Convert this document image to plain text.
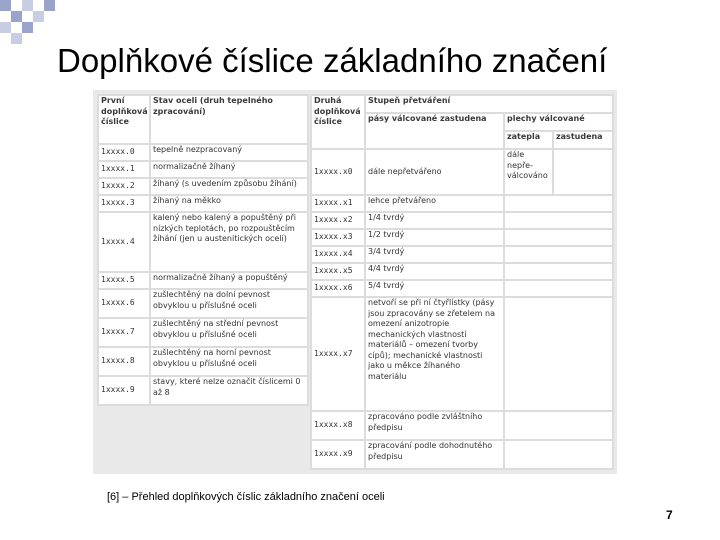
Doplňkové číslice základního značení
První doplňková číslice	Stav oceli (druh tepelného zpracování)
1xxxx.0	tepelně nezpracovaný
1xxxx.1	normalizačně žíhaný
1xxxx.2	žíhaný (s uvedením způsobu žíhání)
1xxxx.3	žíhaný na měkko
1xxxx.4	kalený nebo kalený a popuštěný při nízkých teplotách, po rozpouštěcím žíhání (jen u austenitických ocelí)
1xxxx.5	normalizačně žíhaný a popuštěný
1xxxx.6	zušlechtěný na dolní pevnost obvyklou u příslušné oceli
1xxxx.7	zušlechtěný na střední pevnost obvyklou u příslušné oceli
1xxxx.8	zušlechtěný na horní pevnost obvyklou u příslušné oceli
1xxxx.9	stavy, které nelze označit číslicemi 0 až 8
Druhá doplňková číslice	Stupeň přetváření		
	pásy válcované zastudena	plechy válcované	
		zatepla	zastudena
1xxxx.x0	dále nepřetvářeno	dále nepře-válcováno	
1xxxx.x1	lehce přetvářeno		
1xxxx.x2	1/4 tvrdý		
1xxxx.x3	1/2 tvrdý		
1xxxx.x4	3/4 tvrdý		
1xxxx.x5	4/4 tvrdý		
1xxxx.x6	5/4 tvrdý		
1xxxx.x7	netvoří se při ní čtyřlístky (pásy jsou zpracovány se zřetelem na omezení anizotropie mechanických vlastností materiálů – omezení tvorby cípů); mechanické vlastnosti jako u měkce žíhaného materiálu		
1xxxx.x8	zpracováno podle zvláštního předpisu		
1xxxx.x9	zpracování podle dohodnutého předpisu		
[6] – Přehled doplňkových číslic základního značení oceli
7
